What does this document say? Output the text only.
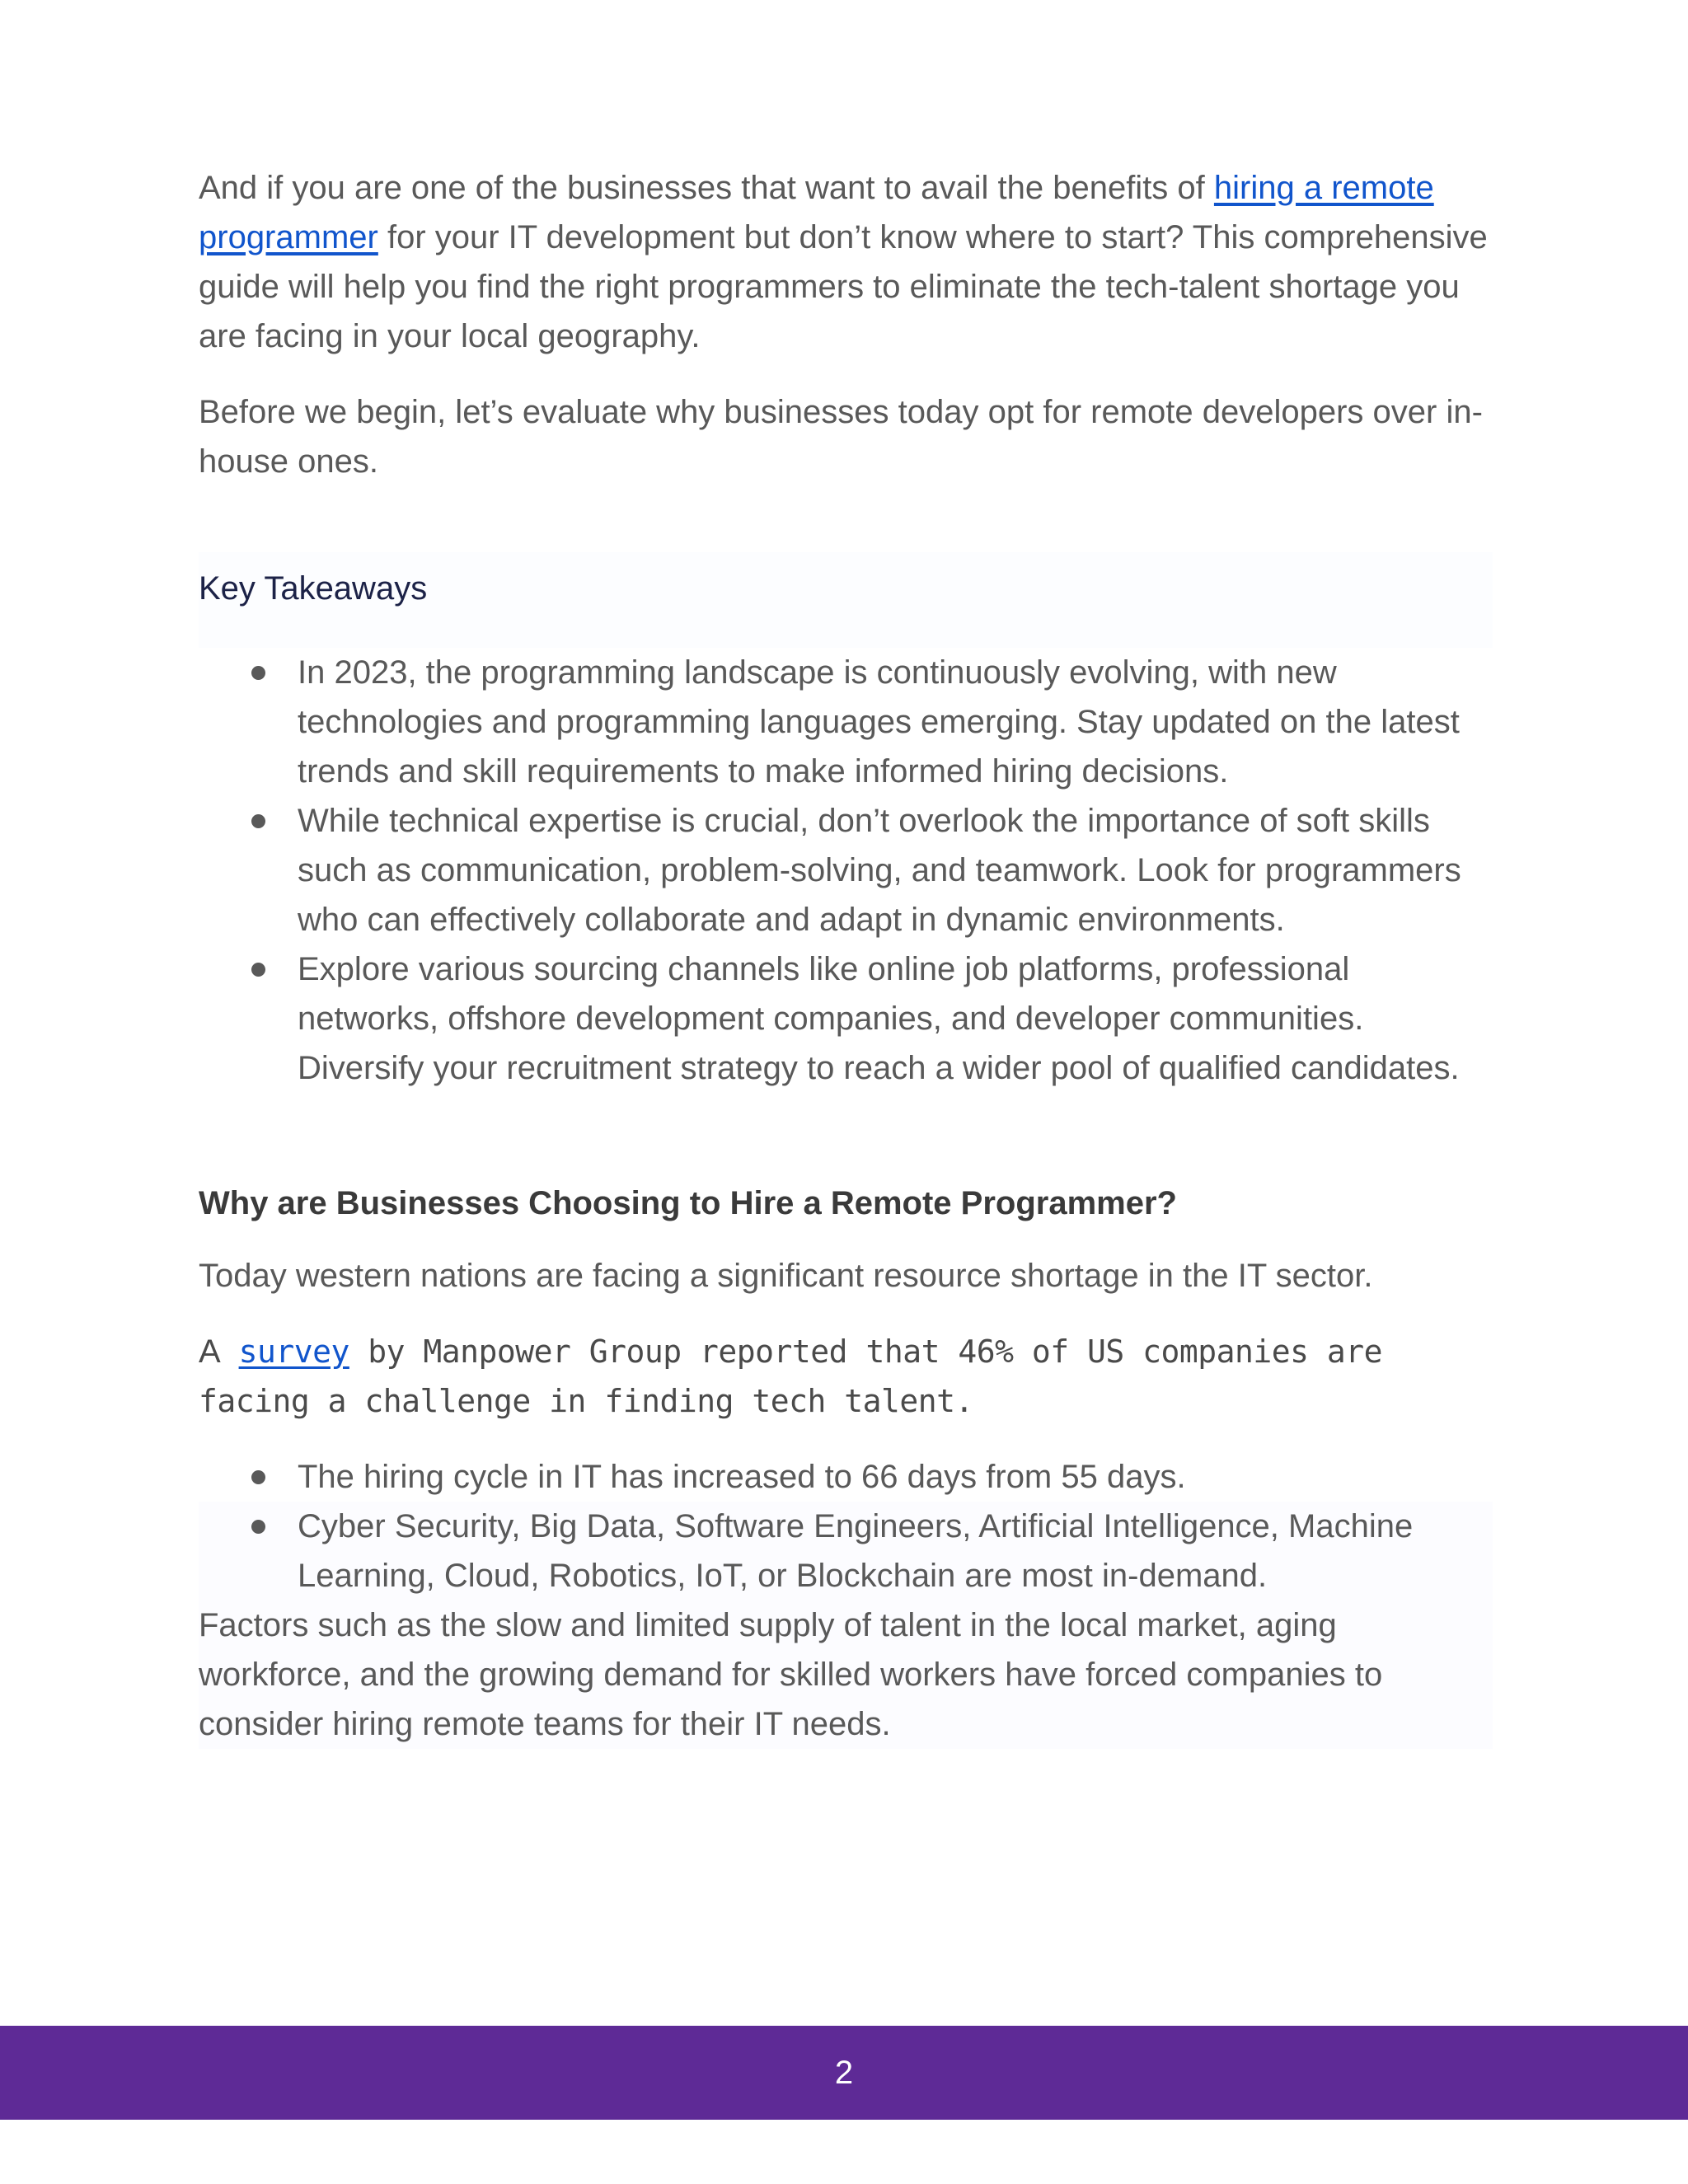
And if you are one of the businesses that want to avail the benefits of hiring a remote programmer for your IT development but don’t know where to start? This comprehensive guide will help you find the right programmers to eliminate the tech-talent shortage you are facing in your local geography.

Before we begin, let’s evaluate why businesses today opt for remote developers over in-house ones.

Key Takeaways
In 2023, the programming landscape is continuously evolving, with new technologies and programming languages emerging. Stay updated on the latest trends and skill requirements to make informed hiring decisions.
While technical expertise is crucial, don’t overlook the importance of soft skills such as communication, problem-solving, and teamwork. Look for programmers who can effectively collaborate and adapt in dynamic environments.
Explore various sourcing channels like online job platforms, professional networks, offshore development companies, and developer communities. Diversify your recruitment strategy to reach a wider pool of qualified candidates.
Why are Businesses Choosing to Hire a Remote Programmer?

Today western nations are facing a significant resource shortage in the IT sector.

A survey by Manpower Group reported that 46% of US companies are facing a challenge in finding tech talent.

The hiring cycle in IT has increased to 66 days from 55 days.
Cyber Security, Big Data, Software Engineers, Artificial Intelligence, Machine Learning, Cloud, Robotics, IoT, or Blockchain are most in-demand.

Factors such as the slow and limited supply of talent in the local market, aging workforce, and the growing demand for skilled workers have forced companies to consider hiring remote teams for their IT needs.

2
